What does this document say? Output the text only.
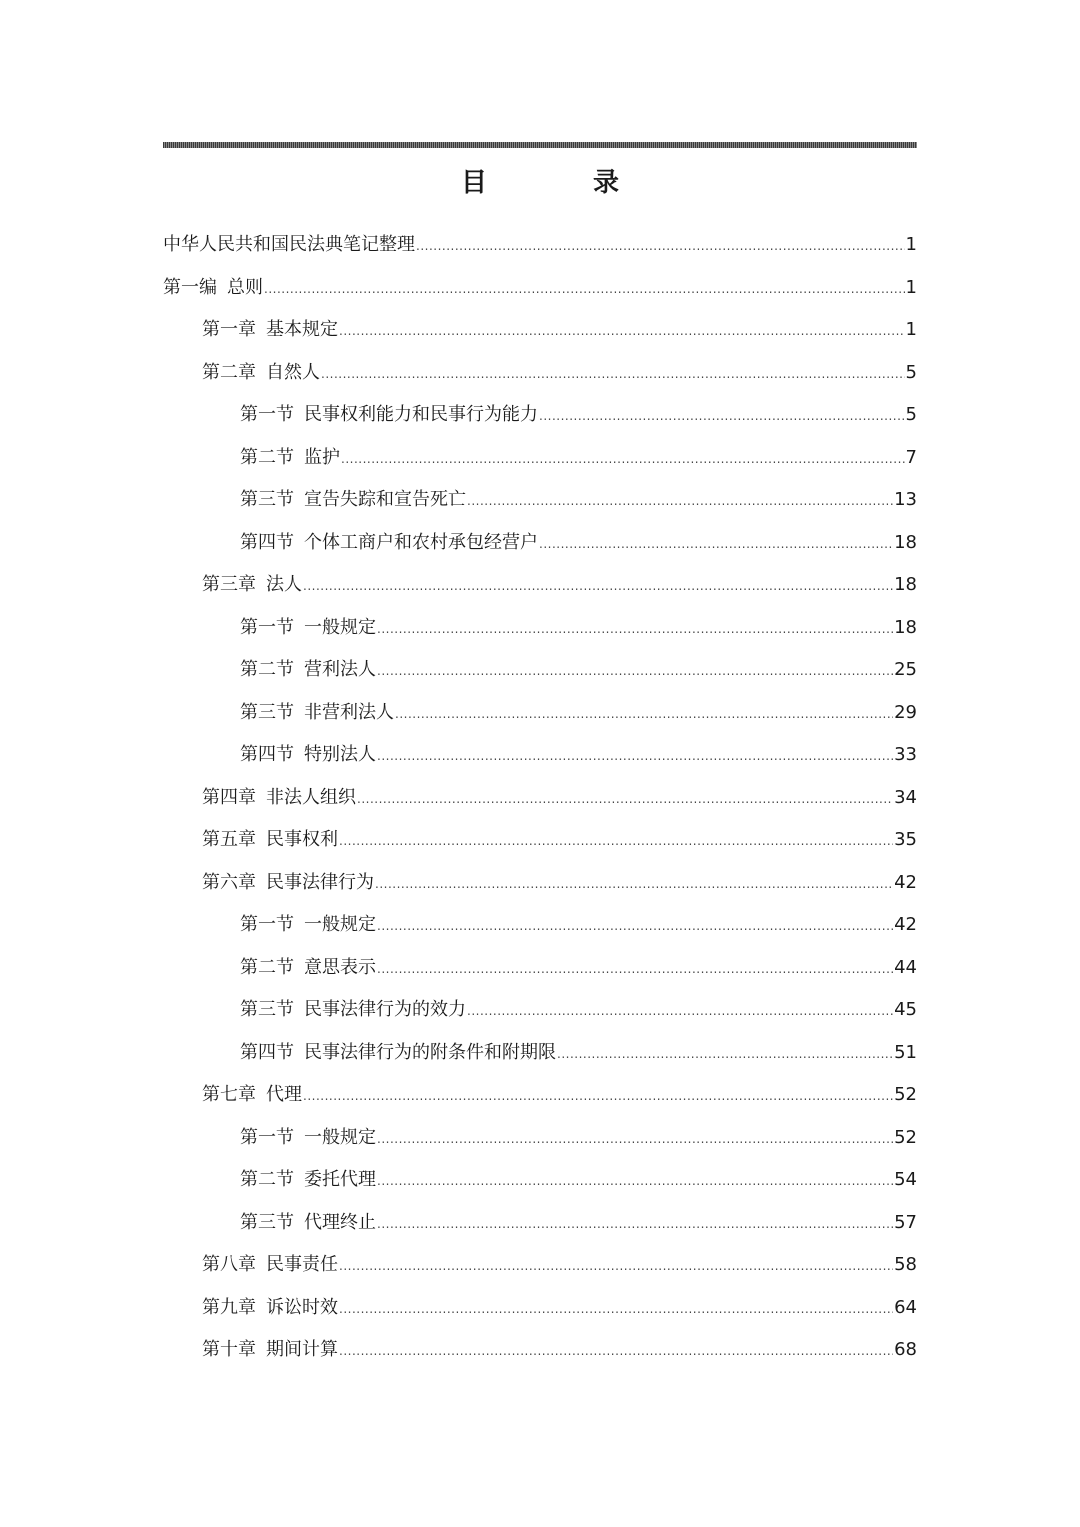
目　录
中华人民共和国民法典笔记整理 .....	1
第一编 总则 .....	1
第一章 基本规定 .....	1
第二章 自然人 .....	5
第一节 民事权利能力和民事行为能力 .....	5
第二节 监护 .....	7
第三节 宣告失踪和宣告死亡 .....	13
第四节 个体工商户和农村承包经营户 .....	18
第三章 法人 .....	18
第一节 一般规定 .....	18
第二节 营利法人 .....	25
第三节 非营利法人 .....	29
第四节 特别法人 .....	33
第四章 非法人组织 .....	34
第五章 民事权利 .....	35
第六章 民事法律行为 .....	42
第一节 一般规定 .....	42
第二节 意思表示 .....	44
第三节 民事法律行为的效力 .....	45
第四节 民事法律行为的附条件和附期限 .....	51
第七章 代理 .....	52
第一节 一般规定 .....	52
第二节 委托代理 .....	54
第三节 代理终止 .....	57
第八章 民事责任 .....	58
第九章 诉讼时效 .....	64
第十章 期间计算 .....	68
